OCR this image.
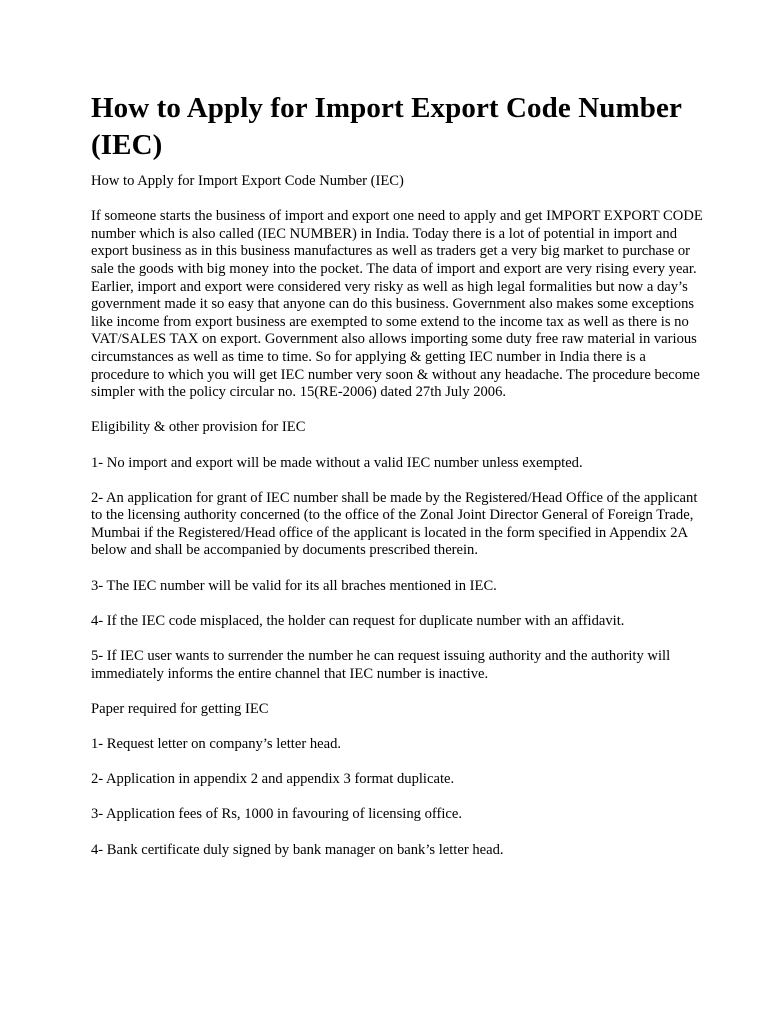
How to Apply for Import Export Code Number (IEC)

How to Apply for Import Export Code Number (IEC)

If someone starts the business of import and export one need to apply and get IMPORT EXPORT CODE number which is also called (IEC NUMBER) in India. Today there is a lot of potential in import and export business as in this business manufactures as well as traders get a very big market to purchase or sale the goods with big money into the pocket. The data of import and export are very rising every year. Earlier, import and export were considered very risky as well as high legal formalities but now a day’s government made it so easy that anyone can do this business. Government also makes some exceptions like income from export business are exempted to some extend to the income tax as well as there is no VAT/SALES TAX on export. Government also allows importing some duty free raw material in various circumstances as well as time to time. So for applying & getting IEC number in India there is a procedure to which you will get IEC number very soon & without any headache. The procedure become simpler with the policy circular no. 15(RE-2006) dated 27th July 2006.

Eligibility & other provision for IEC

1- No import and export will be made without a valid IEC number unless exempted.

2- An application for grant of IEC number shall be made by the Registered/Head Office of the applicant to the licensing authority concerned (to the office of the Zonal Joint Director General of Foreign Trade, Mumbai if the Registered/Head office of the applicant is located in the form specified in Appendix 2A below and shall be accompanied by documents prescribed therein.

3- The IEC number will be valid for its all braches mentioned in IEC.

4- If the IEC code misplaced, the holder can request for duplicate number with an affidavit.

5- If IEC user wants to surrender the number he can request issuing authority and the authority will immediately informs the entire channel that IEC number is inactive.

Paper required for getting IEC

1- Request letter on company’s letter head.

2- Application in appendix 2 and appendix 3 format duplicate.

3- Application fees of Rs, 1000 in favouring of licensing office.

4- Bank certificate duly signed by bank manager on bank’s letter head.
